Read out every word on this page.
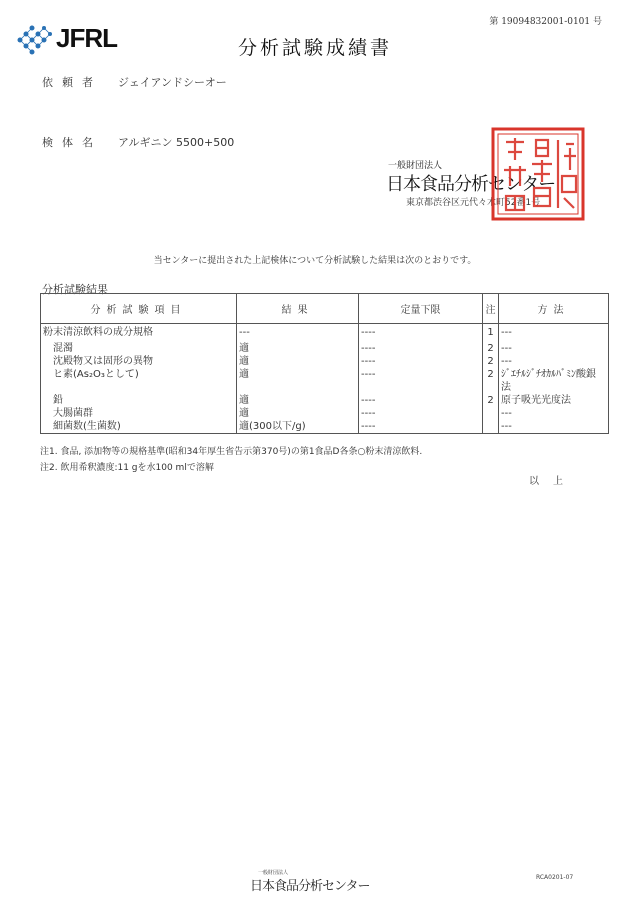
第 19094832001-0101 号
JFRL	分析試験成績書
依頼者 ジェイアンドシーオー
検体名 アルギニン 5500+500
一般財団法人
日本食品分析センター
東京都渋谷区元代々木町52番1号
当センターに提出された上記検体について分析試験した結果は次のとおりです。
分析試験結果
分析試験項目	結果	定量下限	注	方法
粉末清涼飲料の成分規格	---	----	1	---
混濁	適	----	2	---
沈殿物又は固形の異物	適	----	2	---
ヒ素(As₂O₃として)	適	----	2	ｼﾞｴﾁﾙｼﾞﾁｵｶﾙﾊﾞﾐﾝ酸銀
				法
鉛	適	----	2	原子吸光光度法
大腸菌群	適	----		---
細菌数(生菌数)	適(300以下/g)	----		---
注1. 食品, 添加物等の規格基準(昭和34年厚生省告示第370号)の第1食品D各条○粉末清涼飲料.
注2. 飲用希釈濃度:11 gを水100 mlで溶解
以上
一般財団法人
日本食品分析センター
RCA0201-07
